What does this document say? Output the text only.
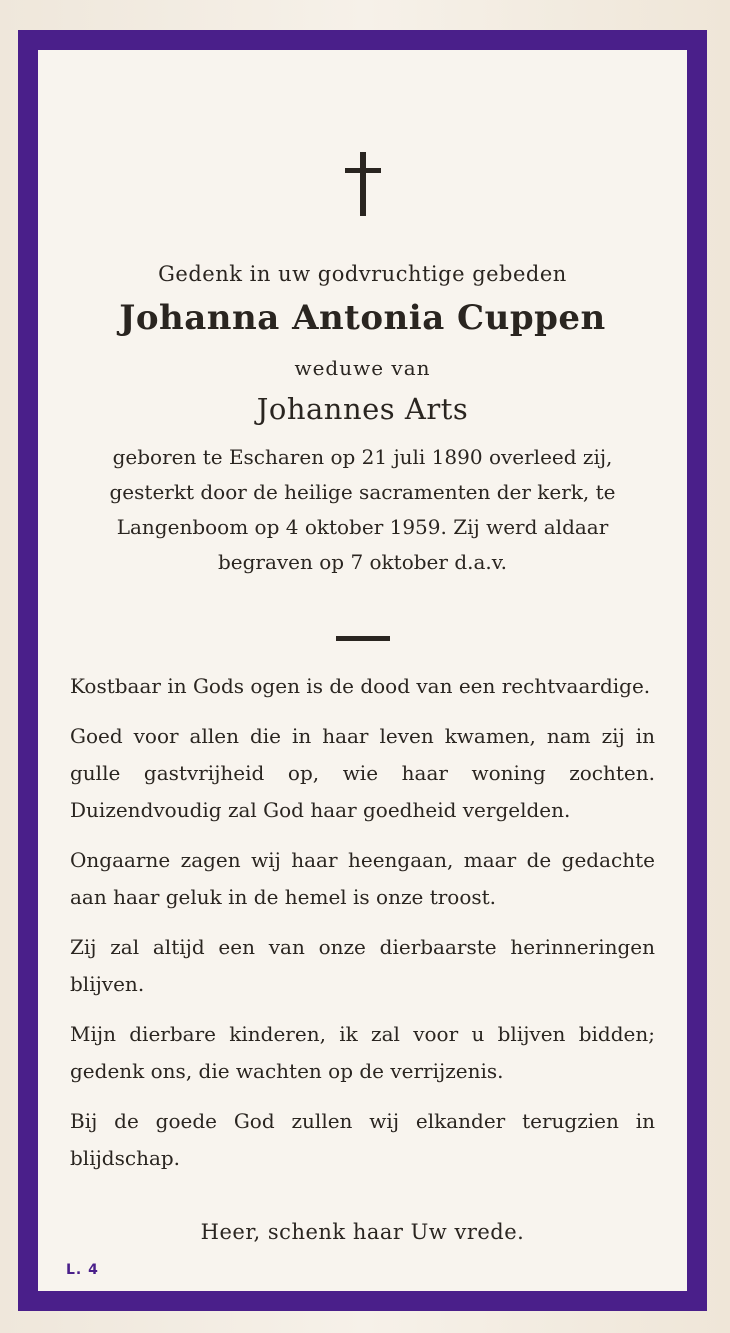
Gedenk in uw godvruchtige gebeden

Johanna Antonia Cuppen

weduwe van

Johannes Arts

geboren te Escharen op 21 juli 1890 overleed zij,
gesterkt door de heilige sacramenten der kerk, te
Langenboom op 4 oktober 1959. Zij werd aldaar
begraven op 7 oktober d.a.v.

Kostbaar in Gods ogen is de dood van een rechtvaardige.

Goed voor allen die in haar leven kwamen, nam zij in gulle gastvrijheid op, wie haar woning zochten. Duizendvoudig zal God haar goedheid vergelden.

Ongaarne zagen wij haar heengaan, maar de gedachte aan haar geluk in de hemel is onze troost.

Zij zal altijd een van onze dierbaarste herinneringen blijven.

Mijn dierbare kinderen, ik zal voor u blijven bidden; gedenk ons, die wachten op de verrijzenis.

Bij de goede God zullen wij elkander terugzien in blijdschap.

Heer, schenk haar Uw vrede.
L. 4
